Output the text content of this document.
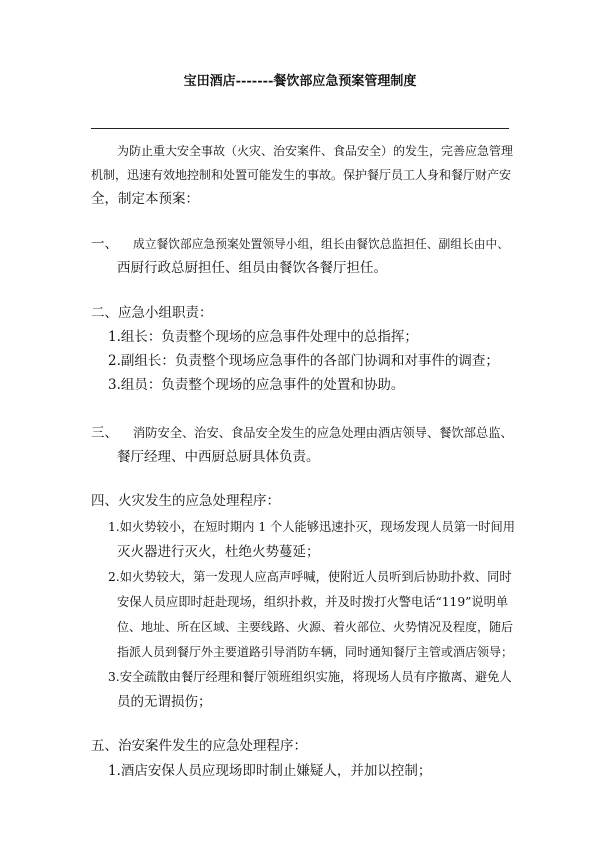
宝田酒店-------餐饮部应急预案管理制度
为防止重大安全事故（火灾、治安案件、食品安全）的发生，完善应急管理
机制，迅速有效地控制和处置可能发生的事故。保护餐厅员工人身和餐厅财产安
全，制定本预案：
一、 成立餐饮部应急预案处置领导小组，组长由餐饮总监担任、副组长由中、
西厨行政总厨担任、组员由餐饮各餐厅担任。
二、应急小组职责：
1.组长：负责整个现场的应急事件处理中的总指挥；
2.副组长：负责整个现场应急事件的各部门协调和对事件的调查；
3.组员：负责整个现场的应急事件的处置和协助。
三、 消防安全、治安、食品安全发生的应急处理由酒店领导、餐饮部总监、
餐厅经理、中西厨总厨具体负责。
四、火灾发生的应急处理程序：
1.如火势较小，在短时期内 1 个人能够迅速扑灭，现场发现人员第一时间用
灭火器进行灭火，杜绝火势蔓延；
2.如火势较大，第一发现人应高声呼喊，使附近人员听到后协助扑救、同时
安保人员应即时赶赴现场，组织扑救，并及时拨打火警电话“119”说明单
位、地址、所在区域、主要线路、火源、着火部位、火势情况及程度，随后
指派人员到餐厅外主要道路引导消防车辆，同时通知餐厅主管或酒店领导；
3.安全疏散由餐厅经理和餐厅领班组织实施，将现场人员有序撤离、避免人
员的无谓损伤；
五、治安案件发生的应急处理程序：
1.酒店安保人员应现场即时制止嫌疑人，并加以控制；
